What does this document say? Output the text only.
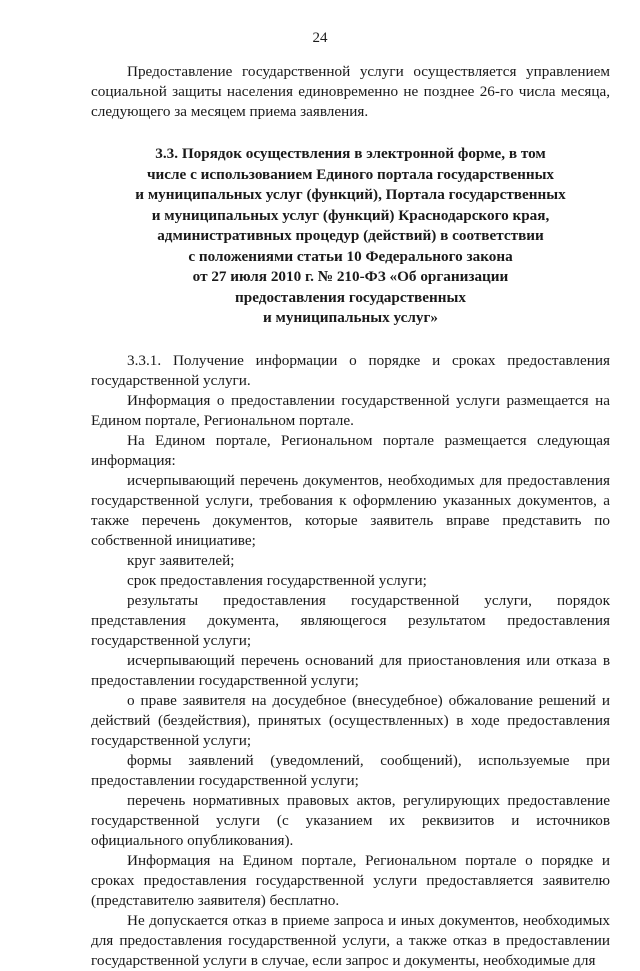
24

Предоставление государственной услуги осуществляется управлением социальной защиты населения единовременно не позднее 26-го числа месяца, следующего за месяцем приема заявления.

3.3. Порядок осуществления в электронной форме, в том
числе с использованием Единого портала государственных
и муниципальных услуг (функций), Портала государственных
и муниципальных услуг (функций) Краснодарского края,
административных процедур (действий) в соответствии
с положениями статьи 10 Федерального закона
от 27 июля 2010 г. № 210-ФЗ «Об организации
предоставления государственных
и муниципальных услуг»

3.3.1. Получение информации о порядке и сроках предоставления государственной услуги.

Информация о предоставлении государственной услуги размещается на Едином портале, Региональном портале.

На Едином портале, Региональном портале размещается следующая информация:

исчерпывающий перечень документов, необходимых для предоставления государственной услуги, требования к оформлению указанных документов, а также перечень документов, которые заявитель вправе представить по собственной инициативе;

круг заявителей;

срок предоставления государственной услуги;

результаты предоставления государственной услуги, порядок представления документа, являющегося результатом предоставления государственной услуги;

исчерпывающий перечень оснований для приостановления или отказа в предоставлении государственной услуги;

о праве заявителя на досудебное (внесудебное) обжалование решений и действий (бездействия), принятых (осуществленных) в ходе предоставления государственной услуги;

формы заявлений (уведомлений, сообщений), используемые при предоставлении государственной услуги;

перечень нормативных правовых актов, регулирующих предоставление государственной услуги (с указанием их реквизитов и источников официального опубликования).

Информация на Едином портале, Региональном портале о порядке и сроках предоставления государственной услуги предоставляется заявителю (представителю заявителя) бесплатно.

Не допускается отказ в приеме запроса и иных документов, необходимых для предоставления государственной услуги, а также отказ в предоставлении государственной услуги в случае, если запрос и документы, необходимые для
